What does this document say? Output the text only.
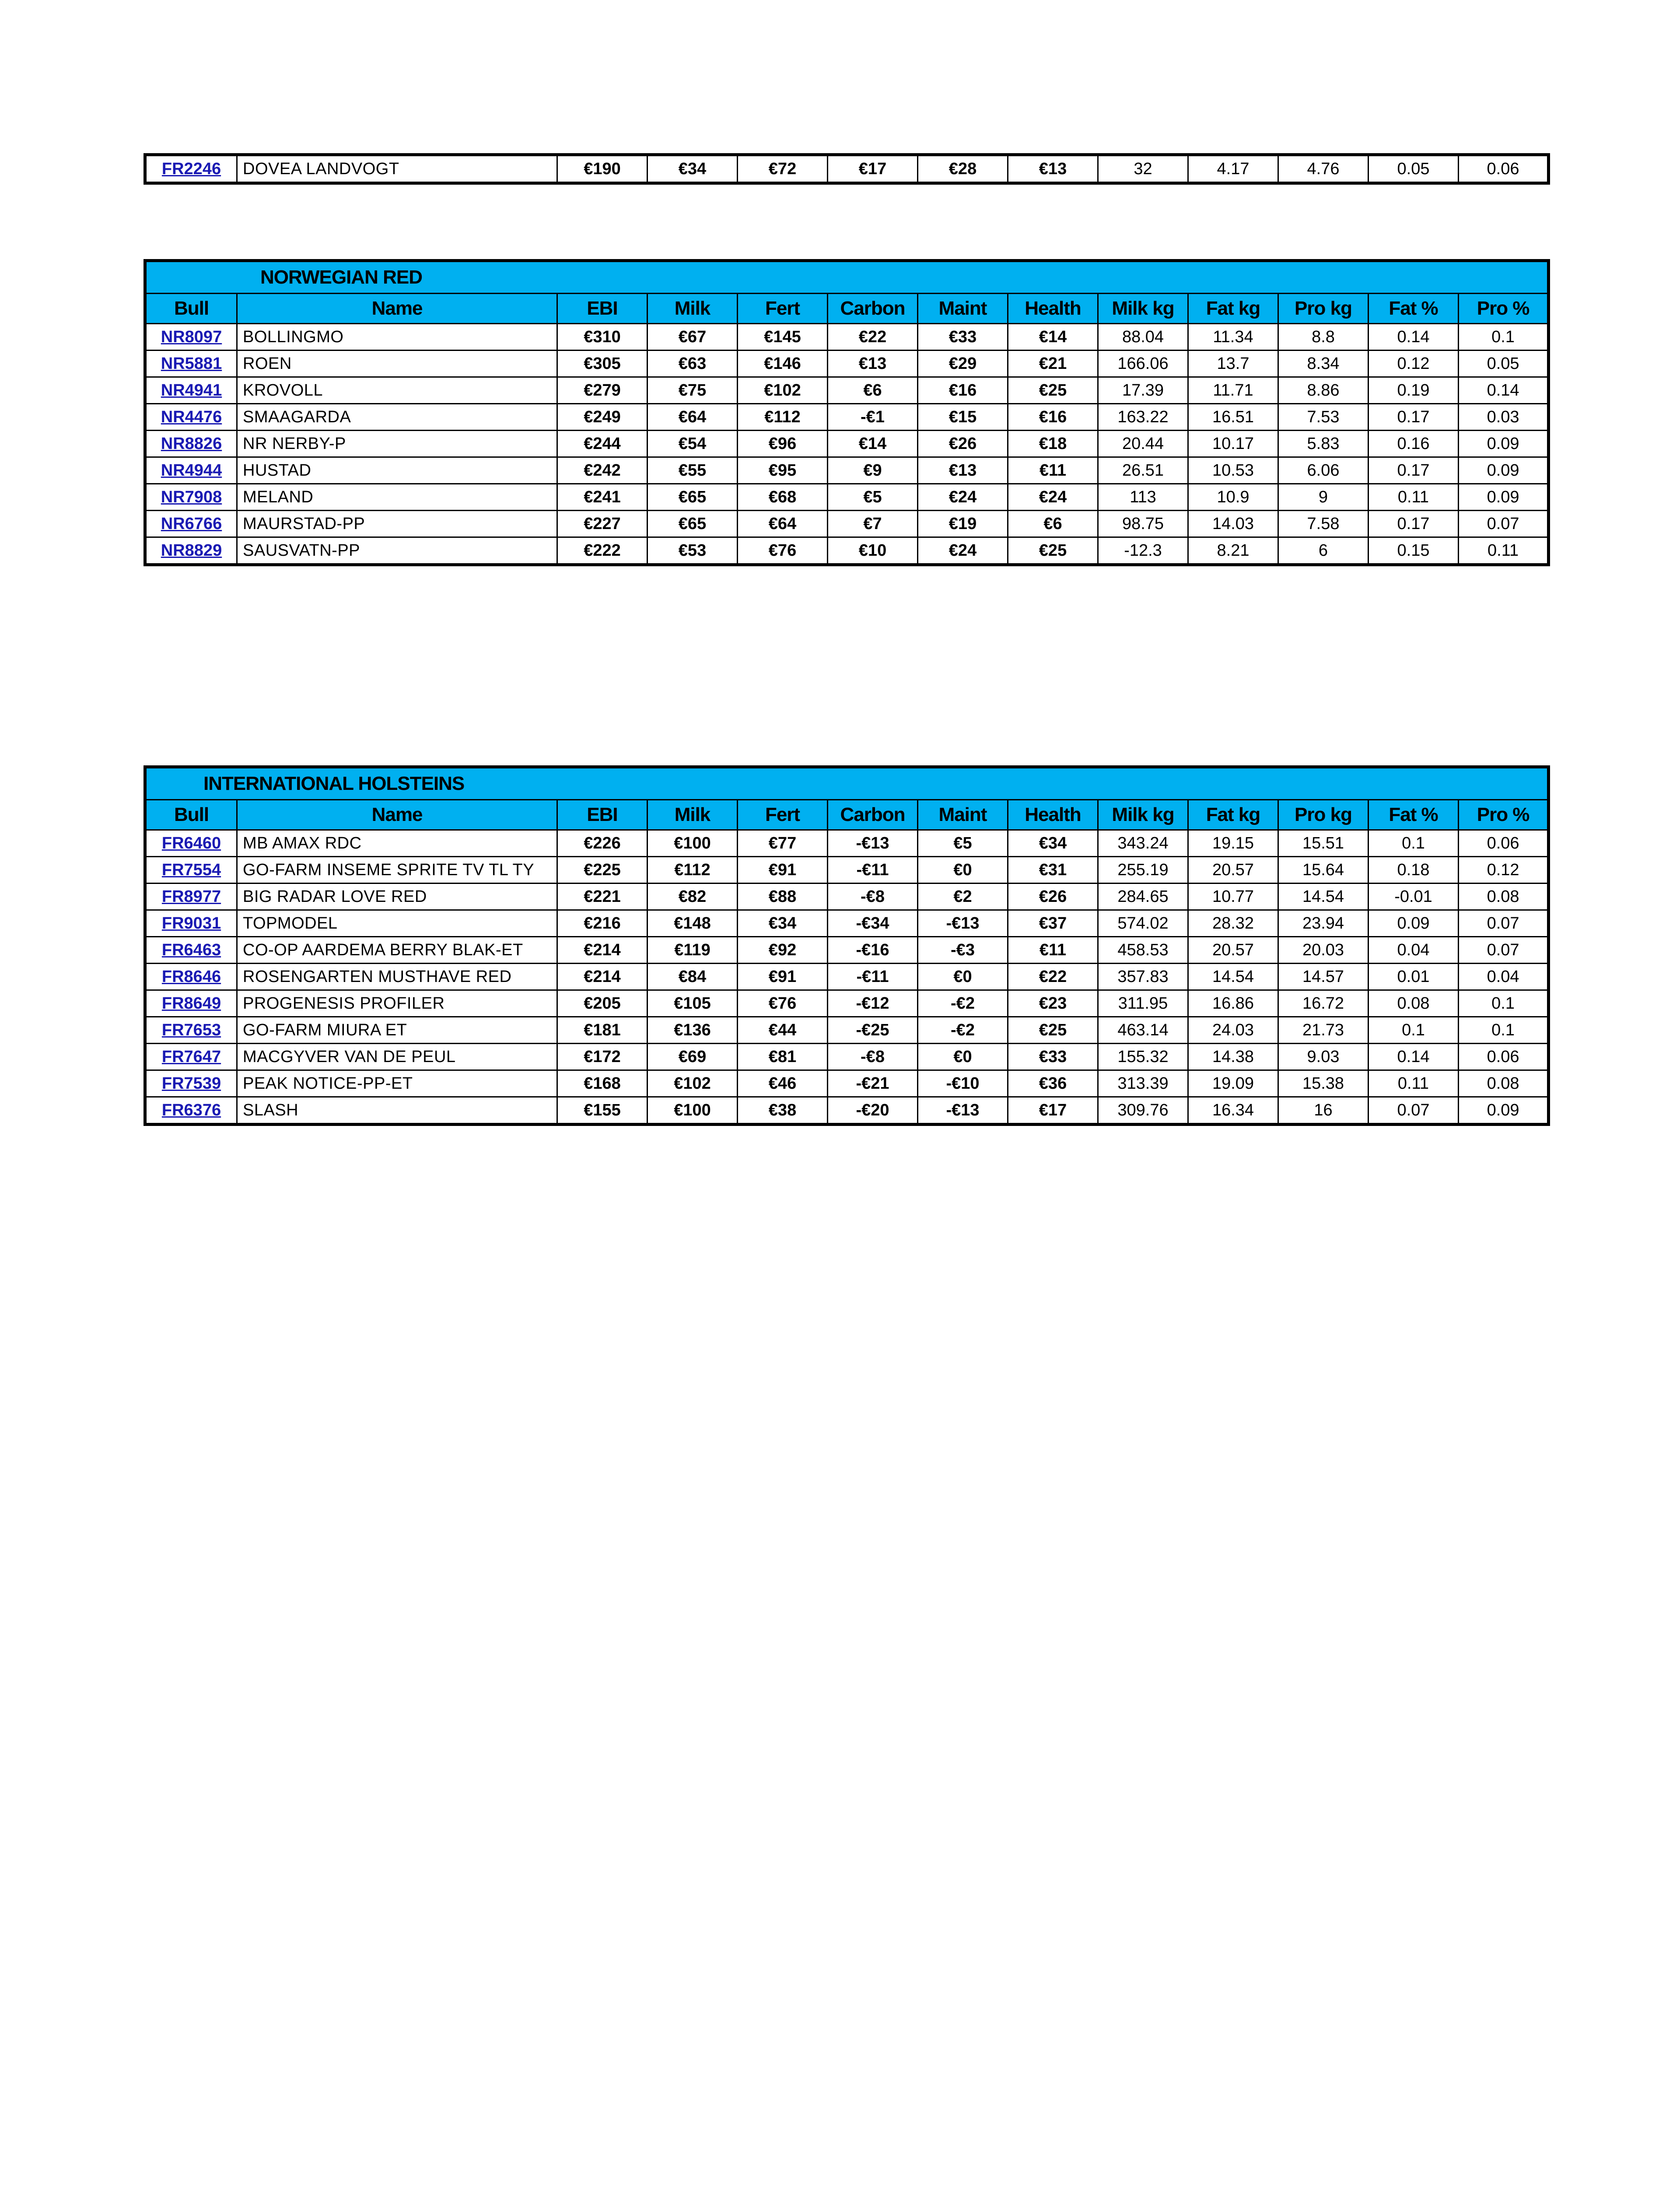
FR2246	DOVEA LANDVOGT	€190	€34	€72	€17	€28	€13	32	4.17	4.76	0.05	0.06
NORWEGIAN RED												
Bull	Name	EBI	Milk	Fert	Carbon	Maint	Health	Milk kg	Fat kg	Pro kg	Fat %	Pro %
NR8097	BOLLINGMO	€310	€67	€145	€22	€33	€14	88.04	11.34	8.8	0.14	0.1
NR5881	ROEN	€305	€63	€146	€13	€29	€21	166.06	13.7	8.34	0.12	0.05
NR4941	KROVOLL	€279	€75	€102	€6	€16	€25	17.39	11.71	8.86	0.19	0.14
NR4476	SMAAGARDA	€249	€64	€112	-€1	€15	€16	163.22	16.51	7.53	0.17	0.03
NR8826	NR NERBY-P	€244	€54	€96	€14	€26	€18	20.44	10.17	5.83	0.16	0.09
NR4944	HUSTAD	€242	€55	€95	€9	€13	€11	26.51	10.53	6.06	0.17	0.09
NR7908	MELAND	€241	€65	€68	€5	€24	€24	113	10.9	9	0.11	0.09
NR6766	MAURSTAD-PP	€227	€65	€64	€7	€19	€6	98.75	14.03	7.58	0.17	0.07
NR8829	SAUSVATN-PP	€222	€53	€76	€10	€24	€25	-12.3	8.21	6	0.15	0.11
INTERNATIONAL HOLSTEINS												
Bull	Name	EBI	Milk	Fert	Carbon	Maint	Health	Milk kg	Fat kg	Pro kg	Fat %	Pro %
FR6460	MB AMAX RDC	€226	€100	€77	-€13	€5	€34	343.24	19.15	15.51	0.1	0.06
FR7554	GO-FARM INSEME SPRITE TV TL TY	€225	€112	€91	-€11	€0	€31	255.19	20.57	15.64	0.18	0.12
FR8977	BIG RADAR LOVE RED	€221	€82	€88	-€8	€2	€26	284.65	10.77	14.54	-0.01	0.08
FR9031	TOPMODEL	€216	€148	€34	-€34	-€13	€37	574.02	28.32	23.94	0.09	0.07
FR6463	CO-OP AARDEMA BERRY BLAK-ET	€214	€119	€92	-€16	-€3	€11	458.53	20.57	20.03	0.04	0.07
FR8646	ROSENGARTEN MUSTHAVE RED	€214	€84	€91	-€11	€0	€22	357.83	14.54	14.57	0.01	0.04
FR8649	PROGENESIS PROFILER	€205	€105	€76	-€12	-€2	€23	311.95	16.86	16.72	0.08	0.1
FR7653	GO-FARM MIURA ET	€181	€136	€44	-€25	-€2	€25	463.14	24.03	21.73	0.1	0.1
FR7647	MACGYVER VAN DE PEUL	€172	€69	€81	-€8	€0	€33	155.32	14.38	9.03	0.14	0.06
FR7539	PEAK NOTICE-PP-ET	€168	€102	€46	-€21	-€10	€36	313.39	19.09	15.38	0.11	0.08
FR6376	SLASH	€155	€100	€38	-€20	-€13	€17	309.76	16.34	16	0.07	0.09
